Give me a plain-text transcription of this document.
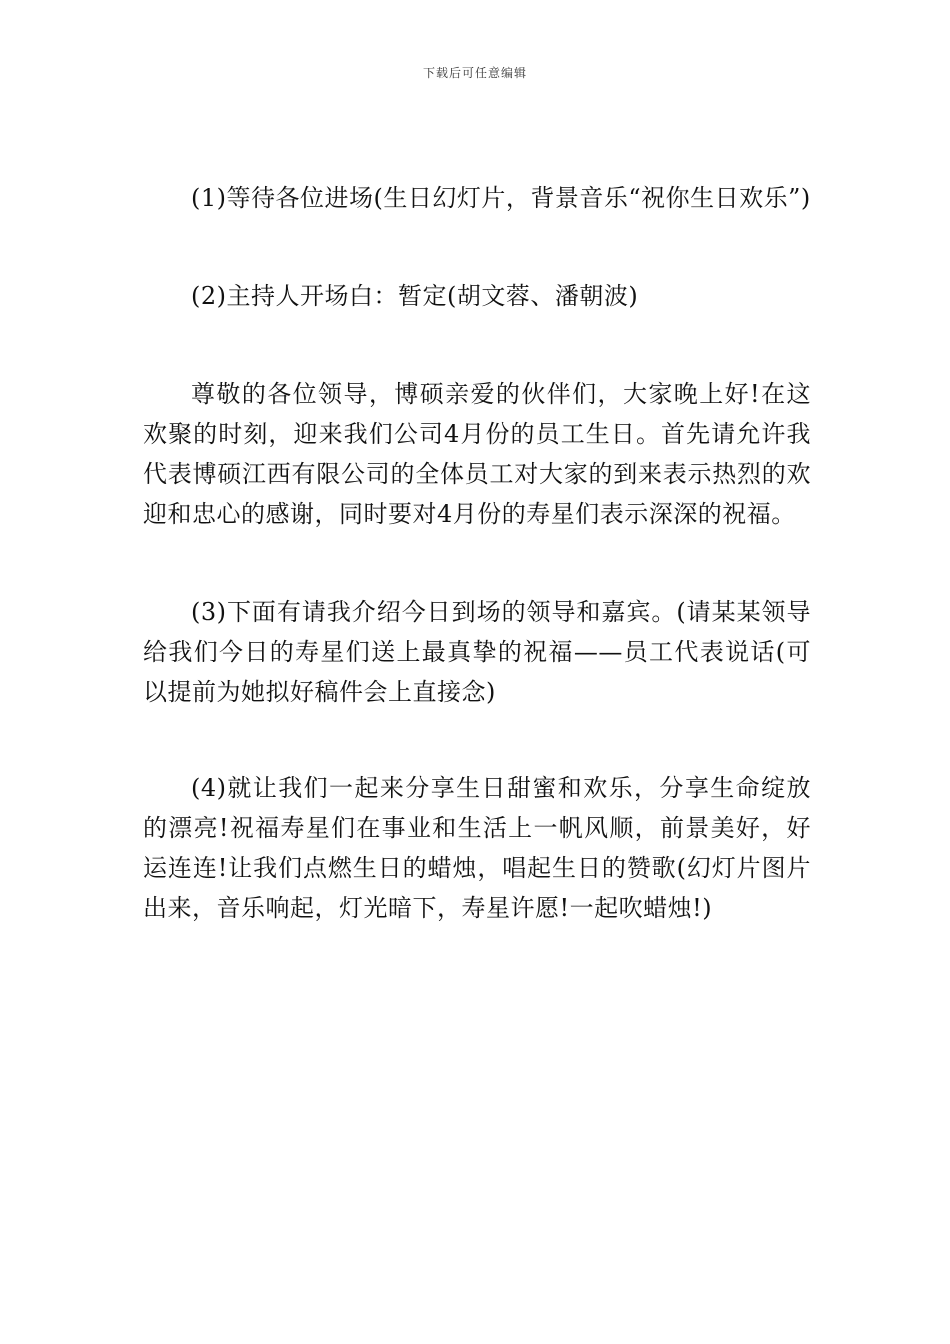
下载后可任意编辑

(1)等待各位进场(生日幻灯片，背景音乐“祝你生日欢乐”)

(2)主持人开场白：暂定(胡文蓉、潘朝波)

尊敬的各位领导，博硕亲爱的伙伴们，大家晚上好!在这欢聚的时刻，迎来我们公司4月份的员工生日。首先请允许我代表博硕江西有限公司的全体员工对大家的到来表示热烈的欢迎和忠心的感谢，同时要对4月份的寿星们表示深深的祝福。

(3)下面有请我介绍今日到场的领导和嘉宾。(请某某领导给我们今日的寿星们送上最真挚的祝福——员工代表说话(可以提前为她拟好稿件会上直接念)

(4)就让我们一起来分享生日甜蜜和欢乐，分享生命绽放的漂亮!祝福寿星们在事业和生活上一帆风顺，前景美好，好运连连!让我们点燃生日的蜡烛，唱起生日的赞歌(幻灯片图片出来，音乐响起，灯光暗下，寿星许愿!一起吹蜡烛!)
